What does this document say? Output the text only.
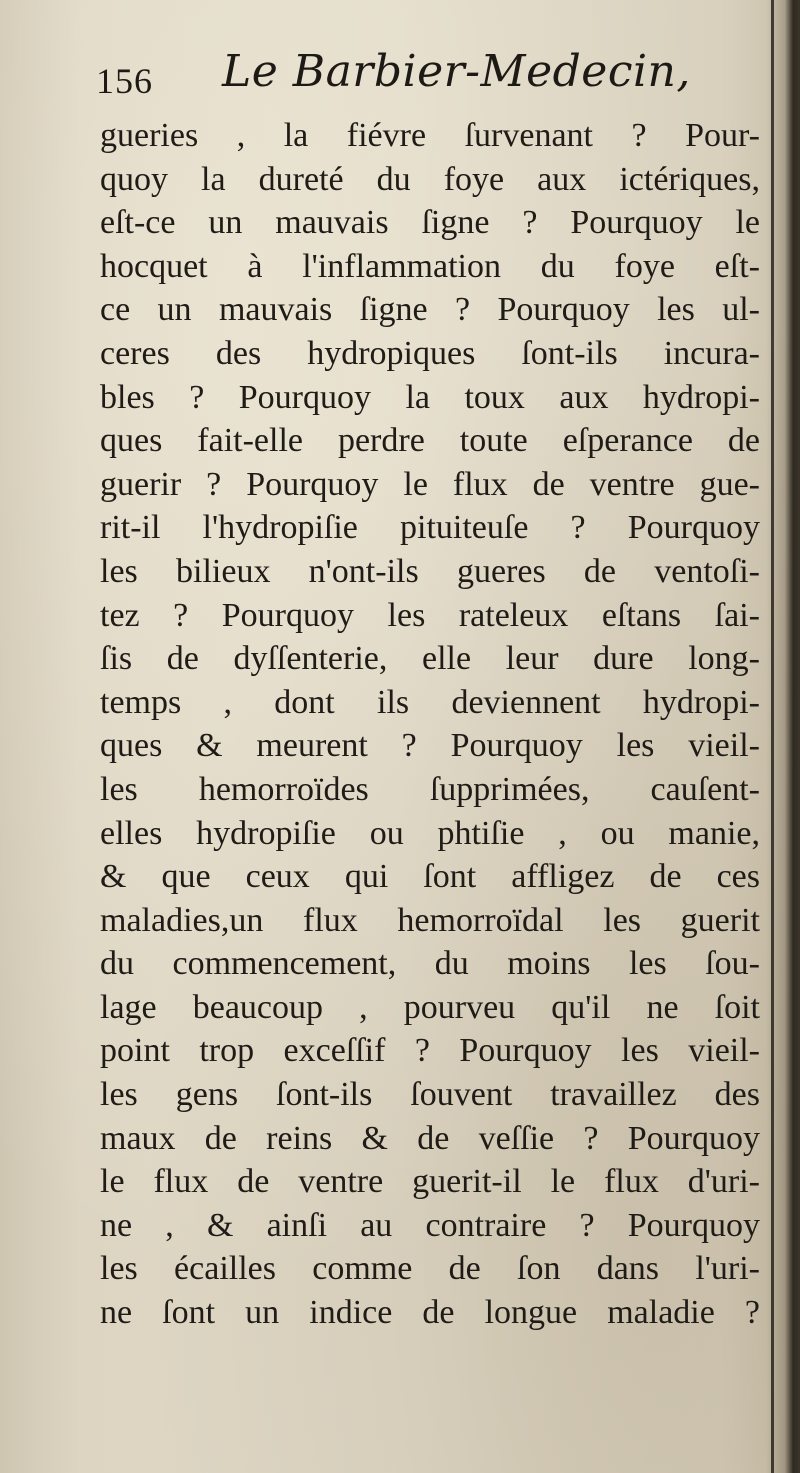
156 Le Barbier-Medecin,
gueries , la fiévre ſurvenant ? Pour-
quoy la dureté du foye aux ictériques,
eſt-ce un mauvais ſigne ? Pourquoy le
hocquet à l'inflammation du foye eſt-
ce un mauvais ſigne ? Pourquoy les ul-
ceres des hydropiques ſont-ils incura-
bles ? Pourquoy la toux aux hydropi-
ques fait-elle perdre toute eſperance de
guerir ? Pourquoy le flux de ventre gue-
rit-il l'hydropiſie pituiteuſe ? Pourquoy
les bilieux n'ont-ils gueres de ventoſi-
tez ? Pourquoy les rateleux eſtans ſai-
ſis de dyſſenterie, elle leur dure long-
temps , dont ils deviennent hydropi-
ques & meurent ? Pourquoy les vieil-
les hemorroïdes ſupprimées, cauſent-
elles hydropiſie ou phtiſie , ou manie,
& que ceux qui ſont affligez de ces
maladies,un flux hemorroïdal les guerit
du commencement, du moins les ſou-
lage beaucoup , pourveu qu'il ne ſoit
point trop exceſſif ? Pourquoy les vieil-
les gens ſont-ils ſouvent travaillez des
maux de reins & de veſſie ? Pourquoy
le flux de ventre guerit-il le flux d'uri-
ne , & ainſi au contraire ? Pourquoy
les écailles comme de ſon dans l'uri-
ne ſont un indice de longue maladie ?
